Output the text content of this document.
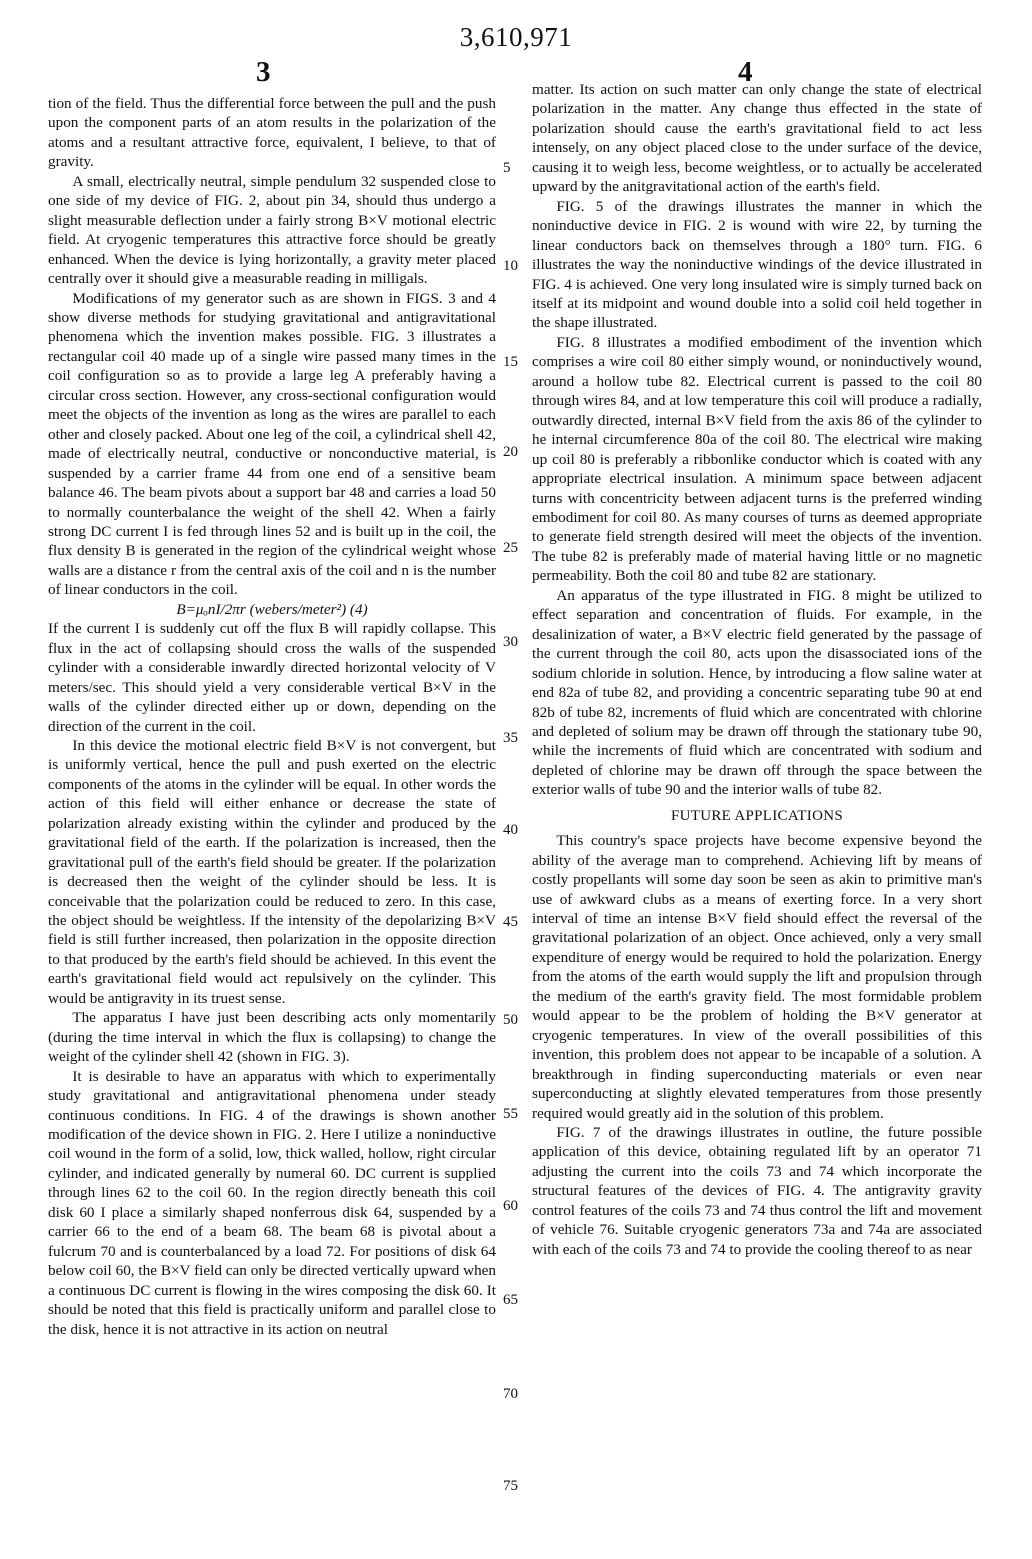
3,610,971
3	4

tion of the field. Thus the differential force between the pull and the push upon the component parts of an atom results in the polarization of the atoms and a resultant attractive force, equivalent, I believe, to that of gravity.

A small, electrically neutral, simple pendulum 32 suspended close to one side of my device of FIG. 2, about pin 34, should thus undergo a slight measurable deflection under a fairly strong B×V motional electric field. At cryogenic temperatures this attractive force should be greatly enhanced. When the device is lying horizontally, a gravity meter placed centrally over it should give a measurable reading in milligals.

Modifications of my generator such as are shown in FIGS. 3 and 4 show diverse methods for studying gravitational and antigravitational phenomena which the invention makes possible. FIG. 3 illustrates a rectangular coil 40 made up of a single wire passed many times in the coil configuration so as to provide a large leg A preferably having a circular cross section. However, any cross-sectional configuration would meet the objects of the invention as long as the wires are parallel to each other and closely packed. About one leg of the coil, a cylindrical shell 42, made of electrically neutral, conductive or nonconductive material, is suspended by a carrier frame 44 from one end of a sensitive beam balance 46. The beam pivots about a support bar 48 and carries a load 50 to normally counterbalance the weight of the shell 42. When a fairly strong DC current I is fed through lines 52 and is built up in the coil, the flux density B is generated in the region of the cylindrical weight whose walls are a distance r from the central axis of the coil and n is the number of linear conductors in the coil.

B=μₒnI/2πr (webers/meter²) (4)

If the current I is suddenly cut off the flux B will rapidly collapse. This flux in the act of collapsing should cross the walls of the suspended cylinder with a considerable inwardly directed horizontal velocity of V meters/sec. This should yield a very considerable vertical B×V in the walls of the cylinder directed either up or down, depending on the direction of the current in the coil.

In this device the motional electric field B×V is not convergent, but is uniformly vertical, hence the pull and push exerted on the electric components of the atoms in the cylinder will be equal. In other words the action of this field will either enhance or decrease the state of polarization already existing within the cylinder and produced by the gravitational field of the earth. If the polarization is increased, then the gravitational pull of the earth's field should be greater. If the polarization is decreased then the weight of the cylinder should be less. It is conceivable that the polarization could be reduced to zero. In this case, the object should be weightless. If the intensity of the depolarizing B×V field is still further increased, then polarization in the opposite direction to that produced by the earth's field should be achieved. In this event the earth's gravitational field would act repulsively on the cylinder. This would be antigravity in its truest sense.

The apparatus I have just been describing acts only momentarily (during the time interval in which the flux is collapsing) to change the weight of the cylinder shell 42 (shown in FIG. 3).

It is desirable to have an apparatus with which to experimentally study gravitational and antigravitational phenomena under steady continuous conditions. In FIG. 4 of the drawings is shown another modification of the device shown in FIG. 2. Here I utilize a noninductive coil wound in the form of a solid, low, thick walled, hollow, right circular cylinder, and indicated generally by numeral 60. DC current is supplied through lines 62 to the coil 60. In the region directly beneath this coil disk 60 I place a similarly shaped nonferrous disk 64, suspended by a carrier 66 to the end of a beam 68. The beam 68 is pivotal about a fulcrum 70 and is counterbalanced by a load 72. For positions of disk 64 below coil 60, the B×V field can only be directed vertically upward when a continuous DC current is flowing in the wires composing the disk 60. It should be noted that this field is practically uniform and parallel close to the disk, hence it is not attractive in its action on neutral

5
10
15
20
25
30
35
40
45
50
55
60
65
70
75

matter. Its action on such matter can only change the state of electrical polarization in the matter. Any change thus effected in the state of polarization should cause the earth's gravitational field to act less intensely, on any object placed close to the under surface of the device, causing it to weigh less, become weightless, or to actually be accelerated upward by the anitgravitational action of the earth's field.

FIG. 5 of the drawings illustrates the manner in which the noninductive device in FIG. 2 is wound with wire 22, by turning the linear conductors back on themselves through a 180° turn. FIG. 6 illustrates the way the noninductive windings of the device illustrated in FIG. 4 is achieved. One very long insulated wire is simply turned back on itself at its midpoint and wound double into a solid coil held together in the shape illustrated.

FIG. 8 illustrates a modified embodiment of the invention which comprises a wire coil 80 either simply wound, or noninductively wound, around a hollow tube 82. Electrical current is passed to the coil 80 through wires 84, and at low temperature this coil will produce a radially, outwardly directed, internal B×V field from the axis 86 of the cylinder to he internal circumference 80a of the coil 80. The electrical wire making up coil 80 is preferably a ribbonlike conductor which is coated with any appropriate electrical insulation. A minimum space between adjacent turns with concentricity between adjacent turns is the preferred winding embodiment for coil 80. As many courses of turns as deemed appropriate to generate field strength desired will meet the objects of the invention. The tube 82 is preferably made of material having little or no magnetic permeability. Both the coil 80 and tube 82 are stationary.

An apparatus of the type illustrated in FIG. 8 might be utilized to effect separation and concentration of fluids. For example, in the desalinization of water, a B×V electric field generated by the passage of the current through the coil 80, acts upon the disassociated ions of the sodium chloride in solution. Hence, by introducing a flow saline water at end 82a of tube 82, and providing a concentric separating tube 90 at end 82b of tube 82, increments of fluid which are concentrated with chlorine and depleted of solium may be drawn off through the stationary tube 90, while the increments of fluid which are concentrated with sodium and depleted of chlorine may be drawn off through the space between the exterior walls of tube 90 and the interior walls of tube 82.

FUTURE APPLICATIONS

This country's space projects have become expensive beyond the ability of the average man to comprehend. Achieving lift by means of costly propellants will some day soon be seen as akin to primitive man's use of awkward clubs as a means of exerting force. In a very short interval of time an intense B×V field should effect the reversal of the gravitational polarization of an object. Once achieved, only a very small expenditure of energy would be required to hold the polarization. Energy from the atoms of the earth would supply the lift and propulsion through the medium of the earth's gravity field. The most formidable problem would appear to be the problem of holding the B×V generator at cryogenic temperatures. In view of the overall possibilities of this invention, this problem does not appear to be incapable of a solution. A breakthrough in finding superconducting materials or even near superconducting at slightly elevated temperatures from those presently required would greatly aid in the solution of this problem.

FIG. 7 of the drawings illustrates in outline, the future possible application of this device, obtaining regulated lift by an operator 71 adjusting the current into the coils 73 and 74 which incorporate the structural features of the devices of FIG. 4. The antigravity gravity control features of the coils 73 and 74 thus control the lift and movement of vehicle 76. Suitable cryogenic generators 73a and 74a are associated with each of the coils 73 and 74 to provide the cooling thereof to as near
